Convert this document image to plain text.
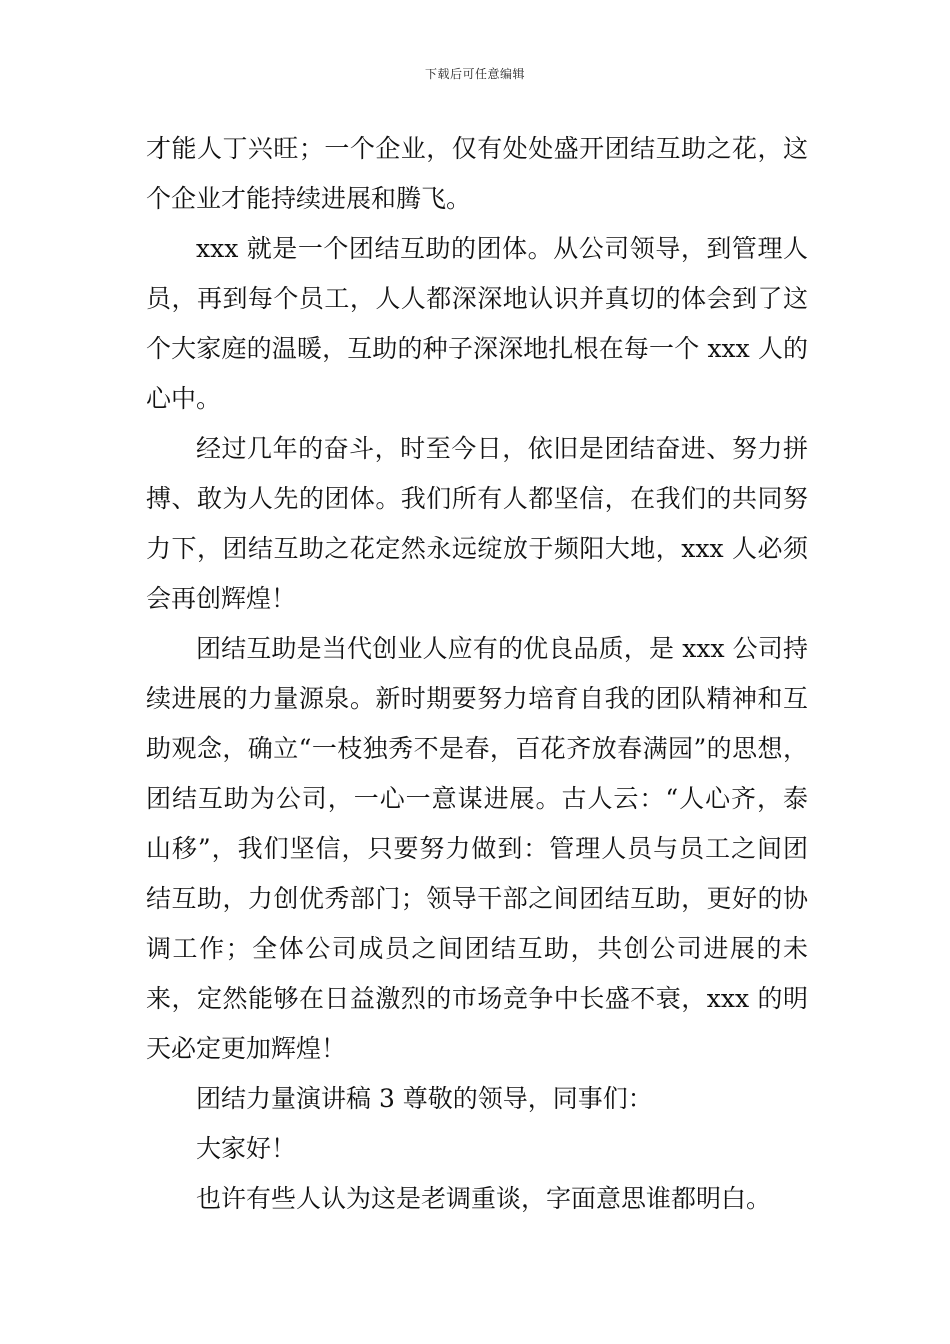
下载后可任意编辑

才能人丁兴旺；一个企业，仅有处处盛开团结互助之花，这个企业才能持续进展和腾飞。

xxx 就是一个团结互助的团体。从公司领导，到管理人员，再到每个员工，人人都深深地认识并真切的体会到了这个大家庭的温暖，互助的种子深深地扎根在每一个 xxx 人的心中。

经过几年的奋斗，时至今日，依旧是团结奋进、努力拼搏、敢为人先的团体。我们所有人都坚信，在我们的共同努力下，团结互助之花定然永远绽放于频阳大地，xxx 人必须会再创辉煌！

团结互助是当代创业人应有的优良品质，是 xxx 公司持续进展的力量源泉。新时期要努力培育自我的团队精神和互助观念，确立“一枝独秀不是春，百花齐放春满园”的思想，团结互助为公司，一心一意谋进展。古人云：“人心齐，泰山移”，我们坚信，只要努力做到：管理人员与员工之间团结互助，力创优秀部门；领导干部之间团结互助，更好的协调工作；全体公司成员之间团结互助，共创公司进展的未来，定然能够在日益激烈的市场竞争中长盛不衰，xxx 的明天必定更加辉煌！

团结力量演讲稿 3 尊敬的领导，同事们：

大家好！

也许有些人认为这是老调重谈，字面意思谁都明白。
